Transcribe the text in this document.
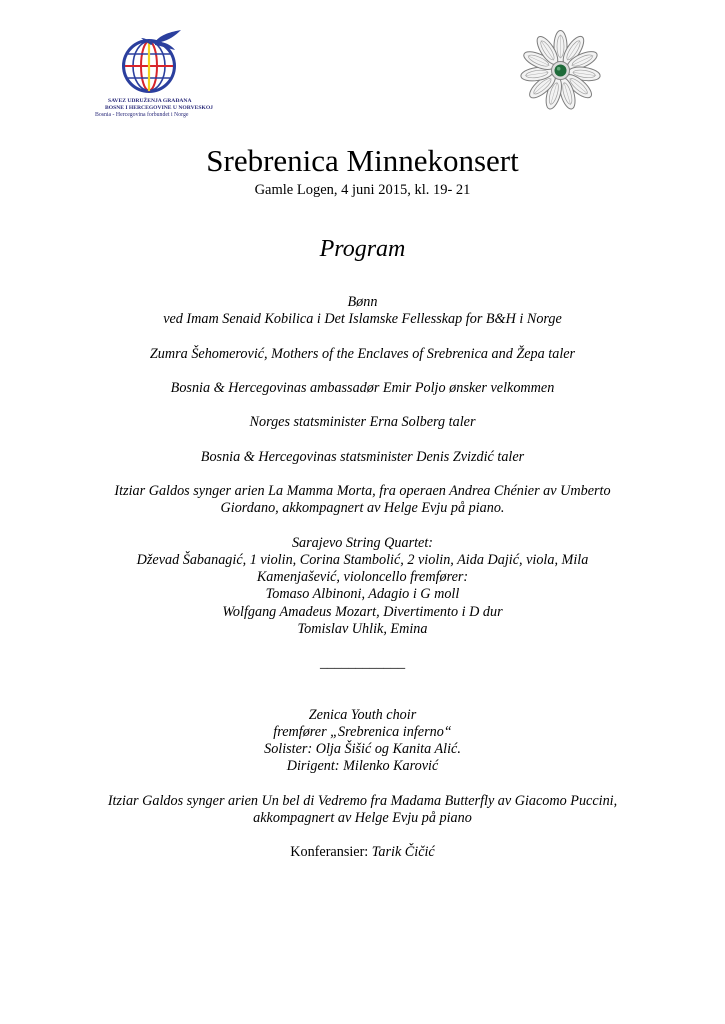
SAVEZ UDRUŽENJA GRAĐANA
BOSNE I HERCEGOVINE U NORVESKOJ
Bosnia - Hercegovina forbundet i Norge
Srebrenica Minnekonsert
Gamle Logen, 4 juni 2015, kl. 19- 21
Program

Bønn

ved Imam Senaid Kobilica i Det Islamske Fellesskap for B&H i Norge

Zumra Šehomerović, Mothers of the Enclaves of Srebrenica and Žepa taler

Bosnia & Hercegovinas ambassadør Emir Poljo ønsker velkommen

Norges statsminister Erna Solberg taler

Bosnia & Hercegovinas statsminister Denis Zvizdić taler

Itziar Galdos synger arien La Mamma Morta, fra operaen Andrea Chénier av Umberto

Giordano, akkompagnert av Helge Evju på piano.

Sarajevo String Quartet:

Dževad Šabanagić, 1 violin, Corina Stambolić, 2 violin, Aida Dajić, viola, Mila

Kamenjašević, violoncello fremfører:

Tomaso Albinoni, Adagio i G moll

Wolfgang Amadeus Mozart, Divertimento i D dur

Tomislav Uhlik, Emina

____________

Zenica Youth choir

fremfører „Srebrenica inferno“

Solister: Olja Šišić og Kanita Alić.

Dirigent: Milenko Karović

Itziar Galdos synger arien Un bel di Vedremo fra Madama Butterfly av Giacomo Puccini,

akkompagnert av Helge Evju på piano

Konferansier: Tarik Čičić
